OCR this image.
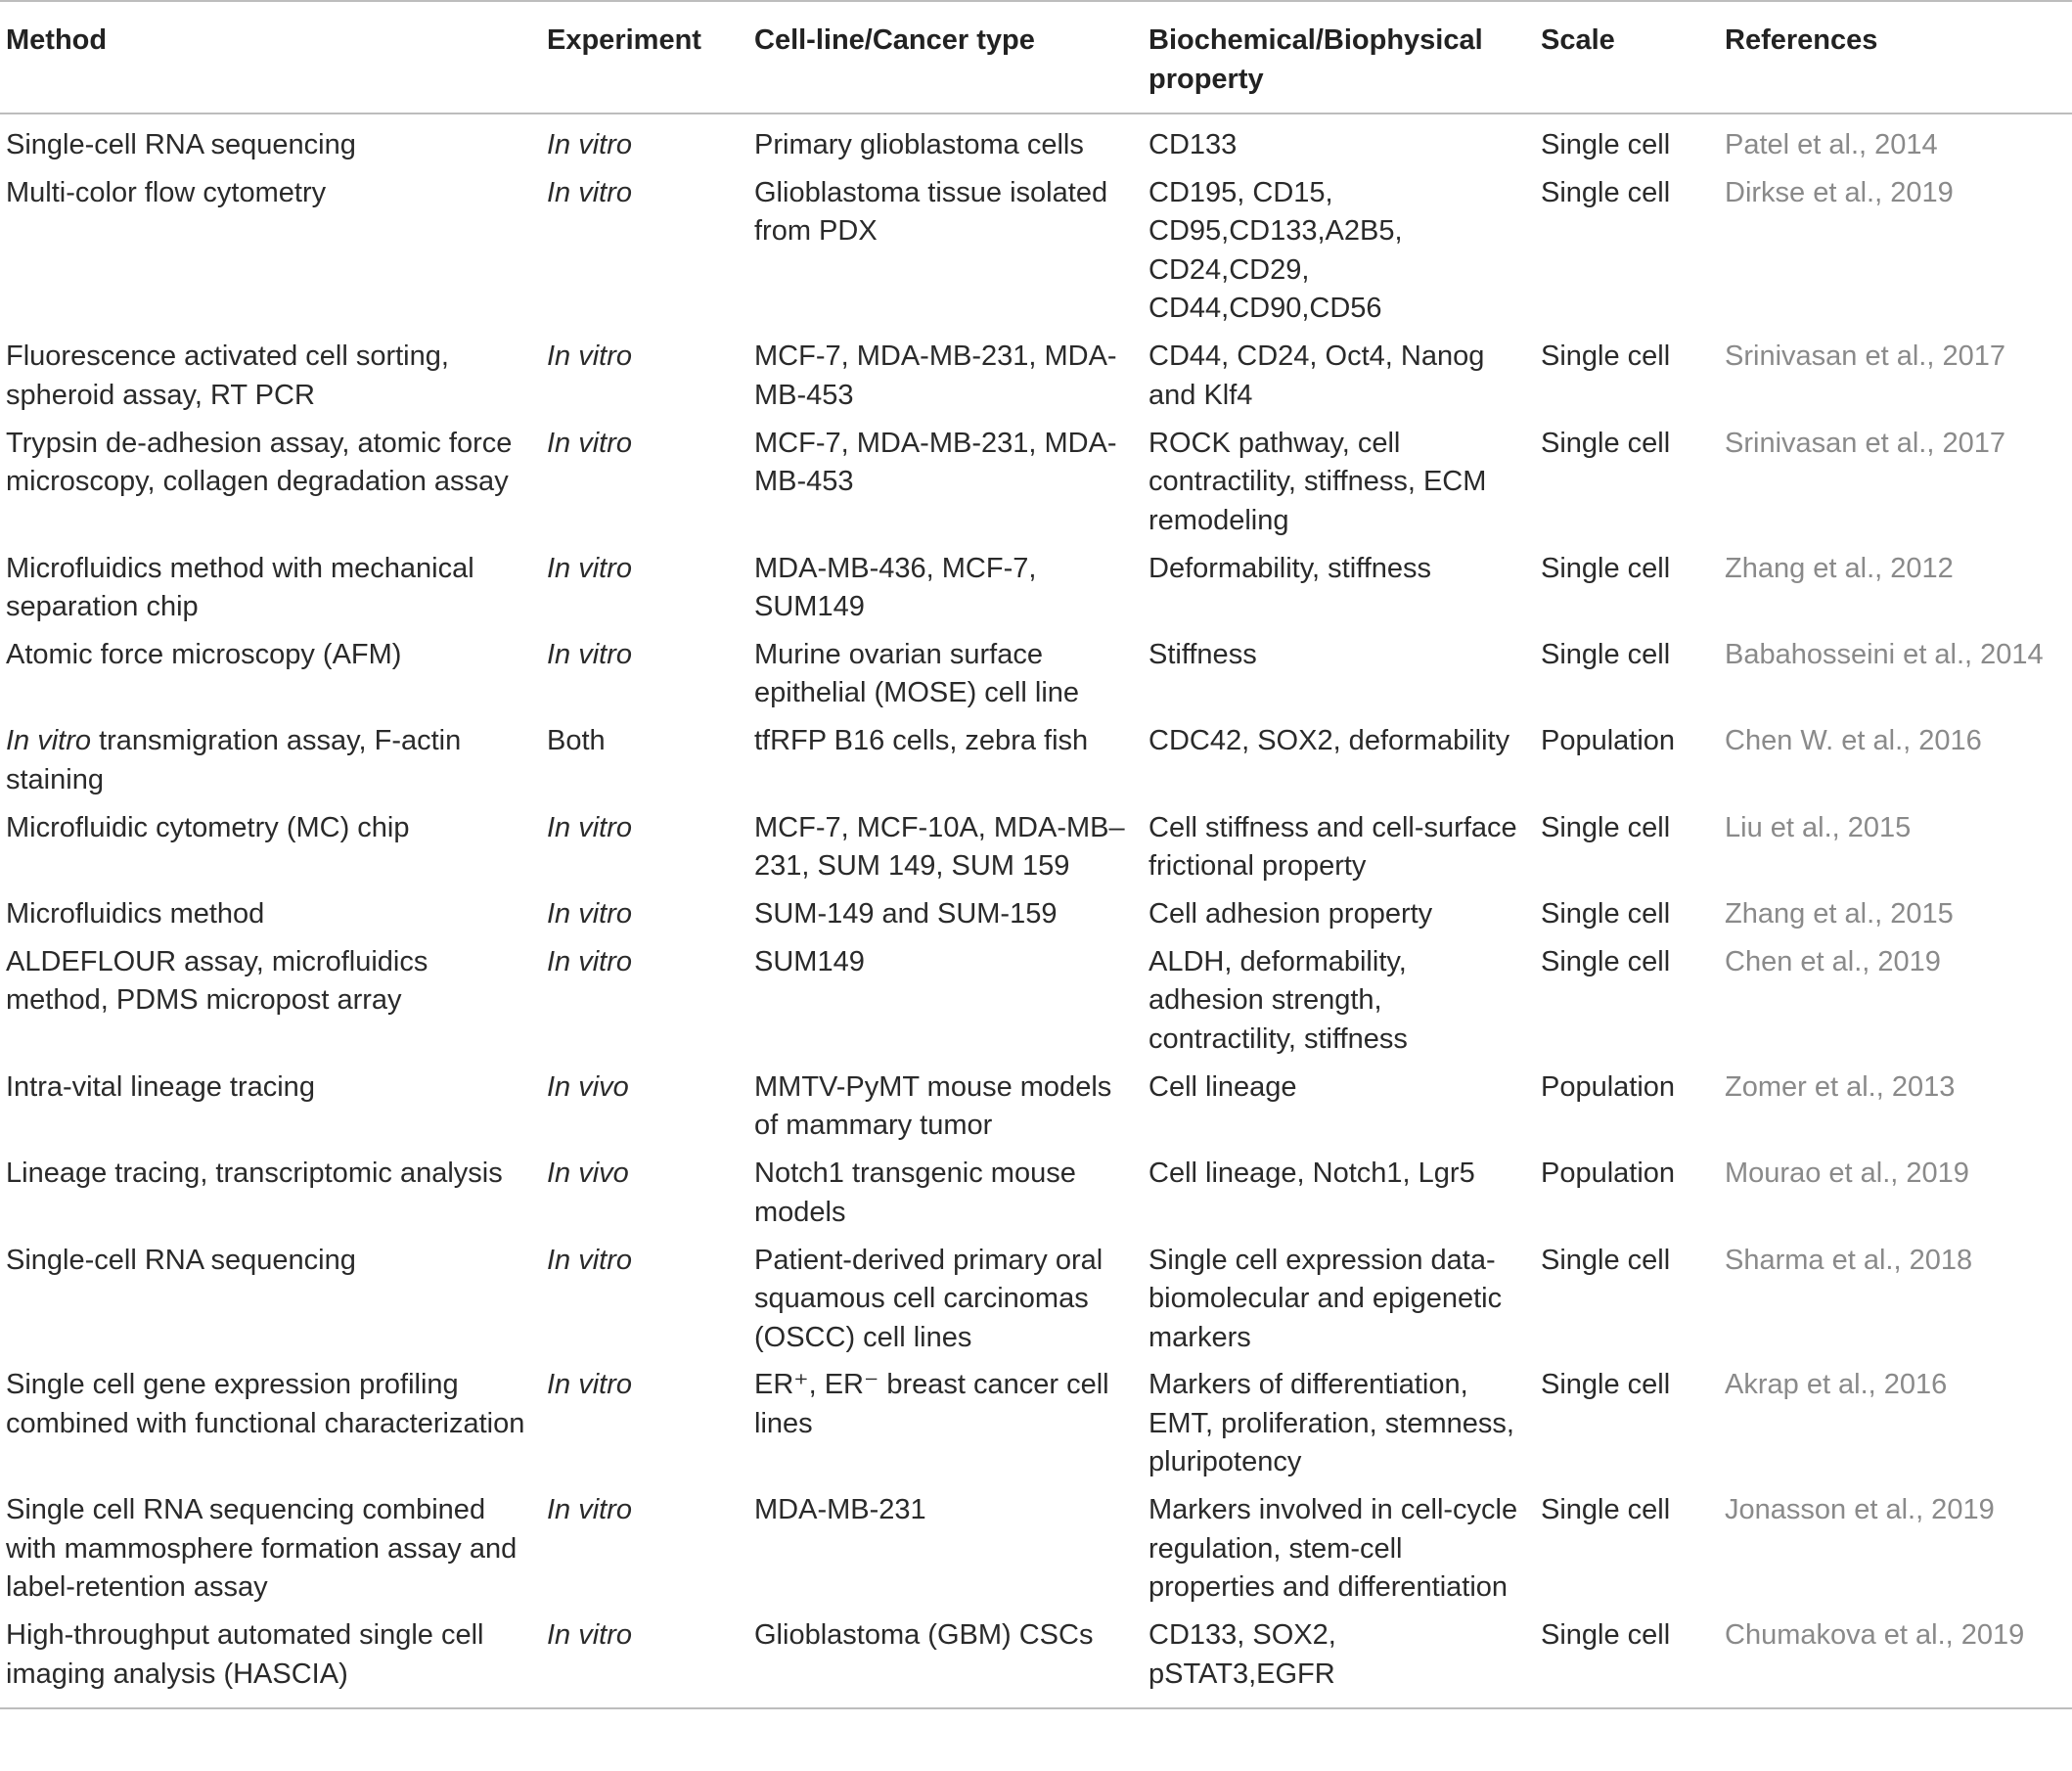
Method	Experiment	Cell-line/Cancer type	Biochemical/Biophysical property	Scale	References
Single-cell RNA sequencing	In vitro	Primary glioblastoma cells	CD133	Single cell	Patel et al., 2014
Multi-color flow cytometry	In vitro	Glioblastoma tissue isolated from PDX	CD195, CD15, CD95,CD133,A2B5, CD24,CD29, CD44,CD90,CD56	Single cell	Dirkse et al., 2019
Fluorescence activated cell sorting, spheroid assay, RT PCR	In vitro	MCF-7, MDA-MB-231, MDA-MB-453	CD44, CD24, Oct4, Nanog and Klf4	Single cell	Srinivasan et al., 2017
Trypsin de-adhesion assay, atomic force microscopy, collagen degradation assay	In vitro	MCF-7, MDA-MB-231, MDA-MB-453	ROCK pathway, cell contractility, stiffness, ECM remodeling	Single cell	Srinivasan et al., 2017
Microfluidics method with mechanical separation chip	In vitro	MDA-MB-436, MCF-7, SUM149	Deformability, stiffness	Single cell	Zhang et al., 2012
Atomic force microscopy (AFM)	In vitro	Murine ovarian surface epithelial (MOSE) cell line	Stiffness	Single cell	Babahosseini et al., 2014
In vitro transmigration assay, F-actin staining	Both	tfRFP B16 cells, zebra fish	CDC42, SOX2, deformability	Population	Chen W. et al., 2016
Microfluidic cytometry (MC) chip	In vitro	MCF-7, MCF-10A, MDA-MB–231, SUM 149, SUM 159	Cell stiffness and cell-surface frictional property	Single cell	Liu et al., 2015
Microfluidics method	In vitro	SUM-149 and SUM-159	Cell adhesion property	Single cell	Zhang et al., 2015
ALDEFLOUR assay, microfluidics method, PDMS micropost array	In vitro	SUM149	ALDH, deformability, adhesion strength, contractility, stiffness	Single cell	Chen et al., 2019
Intra-vital lineage tracing	In vivo	MMTV-PyMT mouse models of mammary tumor	Cell lineage	Population	Zomer et al., 2013
Lineage tracing, transcriptomic analysis	In vivo	Notch1 transgenic mouse models	Cell lineage, Notch1, Lgr5	Population	Mourao et al., 2019
Single-cell RNA sequencing	In vitro	Patient-derived primary oral squamous cell carcinomas (OSCC) cell lines	Single cell expression data-biomolecular and epigenetic markers	Single cell	Sharma et al., 2018
Single cell gene expression profiling combined with functional characterization	In vitro	ER⁺, ER⁻ breast cancer cell lines	Markers of differentiation, EMT, proliferation, stemness, pluripotency	Single cell	Akrap et al., 2016
Single cell RNA sequencing combined with mammosphere formation assay and label-retention assay	In vitro	MDA-MB-231	Markers involved in cell-cycle regulation, stem-cell properties and differentiation	Single cell	Jonasson et al., 2019
High-throughput automated single cell imaging analysis (HASCIA)	In vitro	Glioblastoma (GBM) CSCs	CD133, SOX2, pSTAT3,EGFR	Single cell	Chumakova et al., 2019
